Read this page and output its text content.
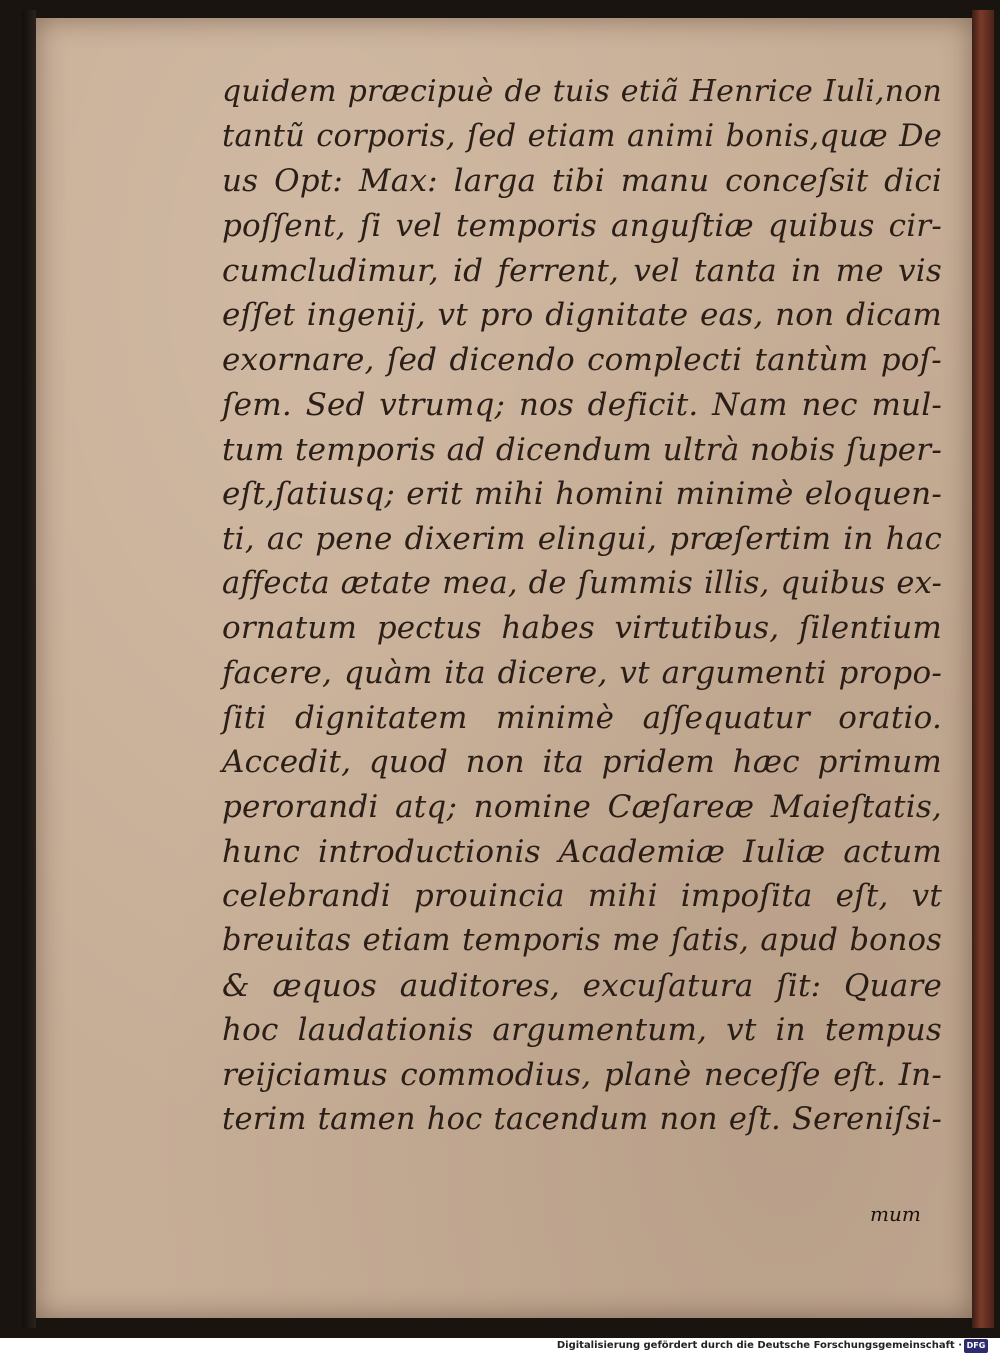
quidem præcipuè de tuis etiã Henrice Iuli,non
tantũ corporis, ſed etiam animi bonis,quæ De
us Opt: Max: larga tibi manu conceſsit dici
poſſent, ſi vel temporis anguſtiæ quibus cir-
cumcludimur, id ferrent, vel tanta in me vis
eſſet ingenij, vt pro dignitate eas, non dicam
exornare, ſed dicendo complecti tantùm poſ-
ſem. Sed vtrumq; nos deficit. Nam nec mul-
tum temporis ad dicendum ultrà nobis ſuper-
eſt,ſatiusq; erit mihi homini minimè eloquen-
ti, ac pene dixerim elingui, præſertim in hac
affecta ætate mea, de ſummis illis, quibus ex-
ornatum pectus habes virtutibus, ſilentium
facere, quàm ita dicere, vt argumenti propo-
ſiti dignitatem minimè aſſequatur oratio.
Accedit, quod non ita pridem hæc primum
perorandi atq; nomine Cæſareæ Maieſtatis,
hunc introductionis Academiæ Iuliæ actum
celebrandi prouincia mihi impoſita eſt, vt
breuitas etiam temporis me ſatis, apud bonos
& æquos auditores, excuſatura ſit: Quare
hoc laudationis argumentum, vt in tempus
reijciamus commodius, planè neceſſe eſt. In-
terim tamen hoc tacendum non eſt. Sereniſsi-
mum
Digitalisierung gefördert durch die Deutsche Forschungsgemeinschaft · DFG
